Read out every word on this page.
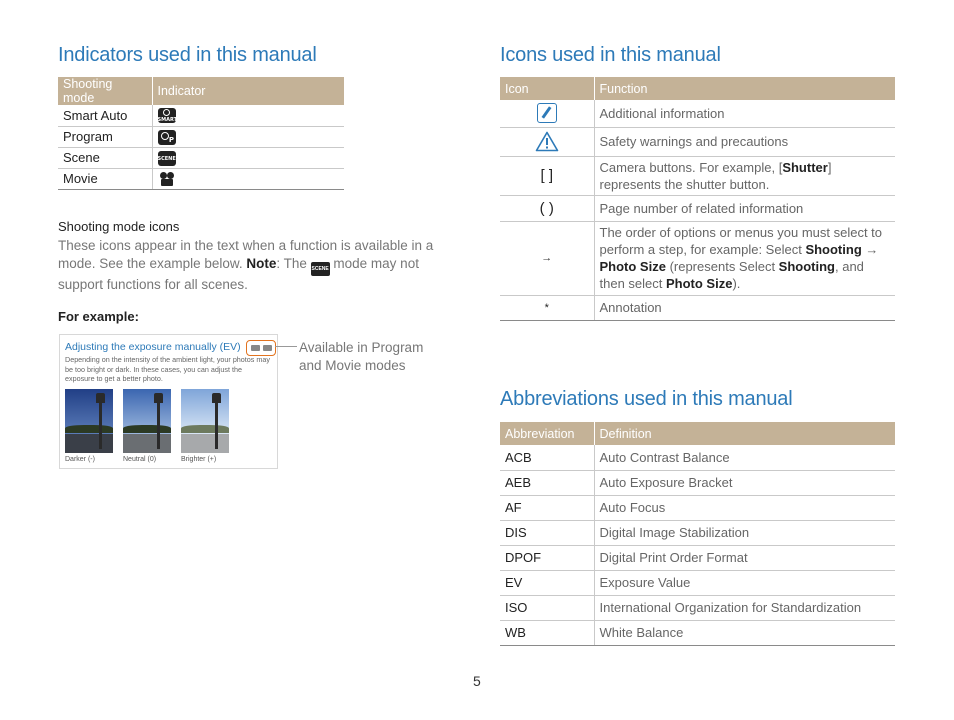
Indicators used in this manual
Shooting mode	Indicator
Smart Auto	SMART

Program	P

Scene	SCENE

Movie	
Shooting mode icons

These icons appear in the text when a function is available in a mode. See the example below. Note: The SCENE mode may not support functions for all scenes.

For example:
Adjusting the exposure manually (EV)
Depending on the intensity of the ambient light, your photos may be too bright or dark. In these cases, you can adjust the exposure to get a better photo.
Darker (-)	Neutral (0)	Brighter (+)
Available in Program and Movie modes
Icons used in this manual
Icon	Function
	Additional information
	Safety warnings and precautions
[ ]	Camera buttons. For example, [Shutter] represents the shutter button.
( )	Page number of related information
→	The order of options or menus you must select to perform a step, for example: Select Shooting → Photo Size (represents Select Shooting, and then select Photo Size).
*	Annotation
Abbreviations used in this manual
Abbreviation	Definition
ACB	Auto Contrast Balance
AEB	Auto Exposure Bracket
AF	Auto Focus
DIS	Digital Image Stabilization
DPOF	Digital Print Order Format
EV	Exposure Value
ISO	International Organization for Standardization
WB	White Balance
5
